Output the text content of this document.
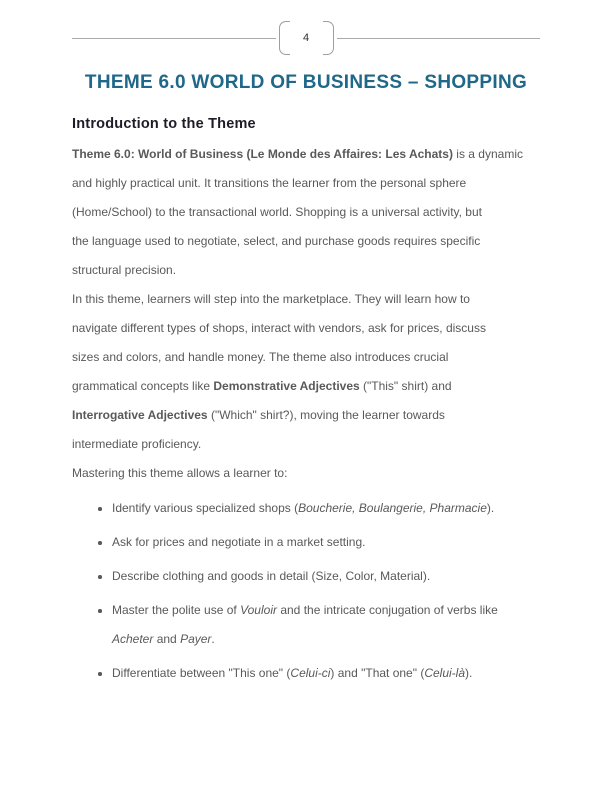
4
THEME 6.0 WORLD OF BUSINESS – SHOPPING
Introduction to the Theme
Theme 6.0: World of Business (Le Monde des Affaires: Les Achats) is a dynamic
and highly practical unit. It transitions the learner from the personal sphere
(Home/School) to the transactional world. Shopping is a universal activity, but
the language used to negotiate, select, and purchase goods requires specific
structural precision.
In this theme, learners will step into the marketplace. They will learn how to
navigate different types of shops, interact with vendors, ask for prices, discuss
sizes and colors, and handle money. The theme also introduces crucial
grammatical concepts like Demonstrative Adjectives ("This" shirt) and
Interrogative Adjectives ("Which" shirt?), moving the learner towards
intermediate proficiency.
Mastering this theme allows a learner to:
Identify various specialized shops (Boucherie, Boulangerie, Pharmacie).
Ask for prices and negotiate in a market setting.
Describe clothing and goods in detail (Size, Color, Material).
Master the polite use of Vouloir and the intricate conjugation of verbs like
Acheter and Payer.
Differentiate between "This one" (Celui-ci) and "That one" (Celui-là).
